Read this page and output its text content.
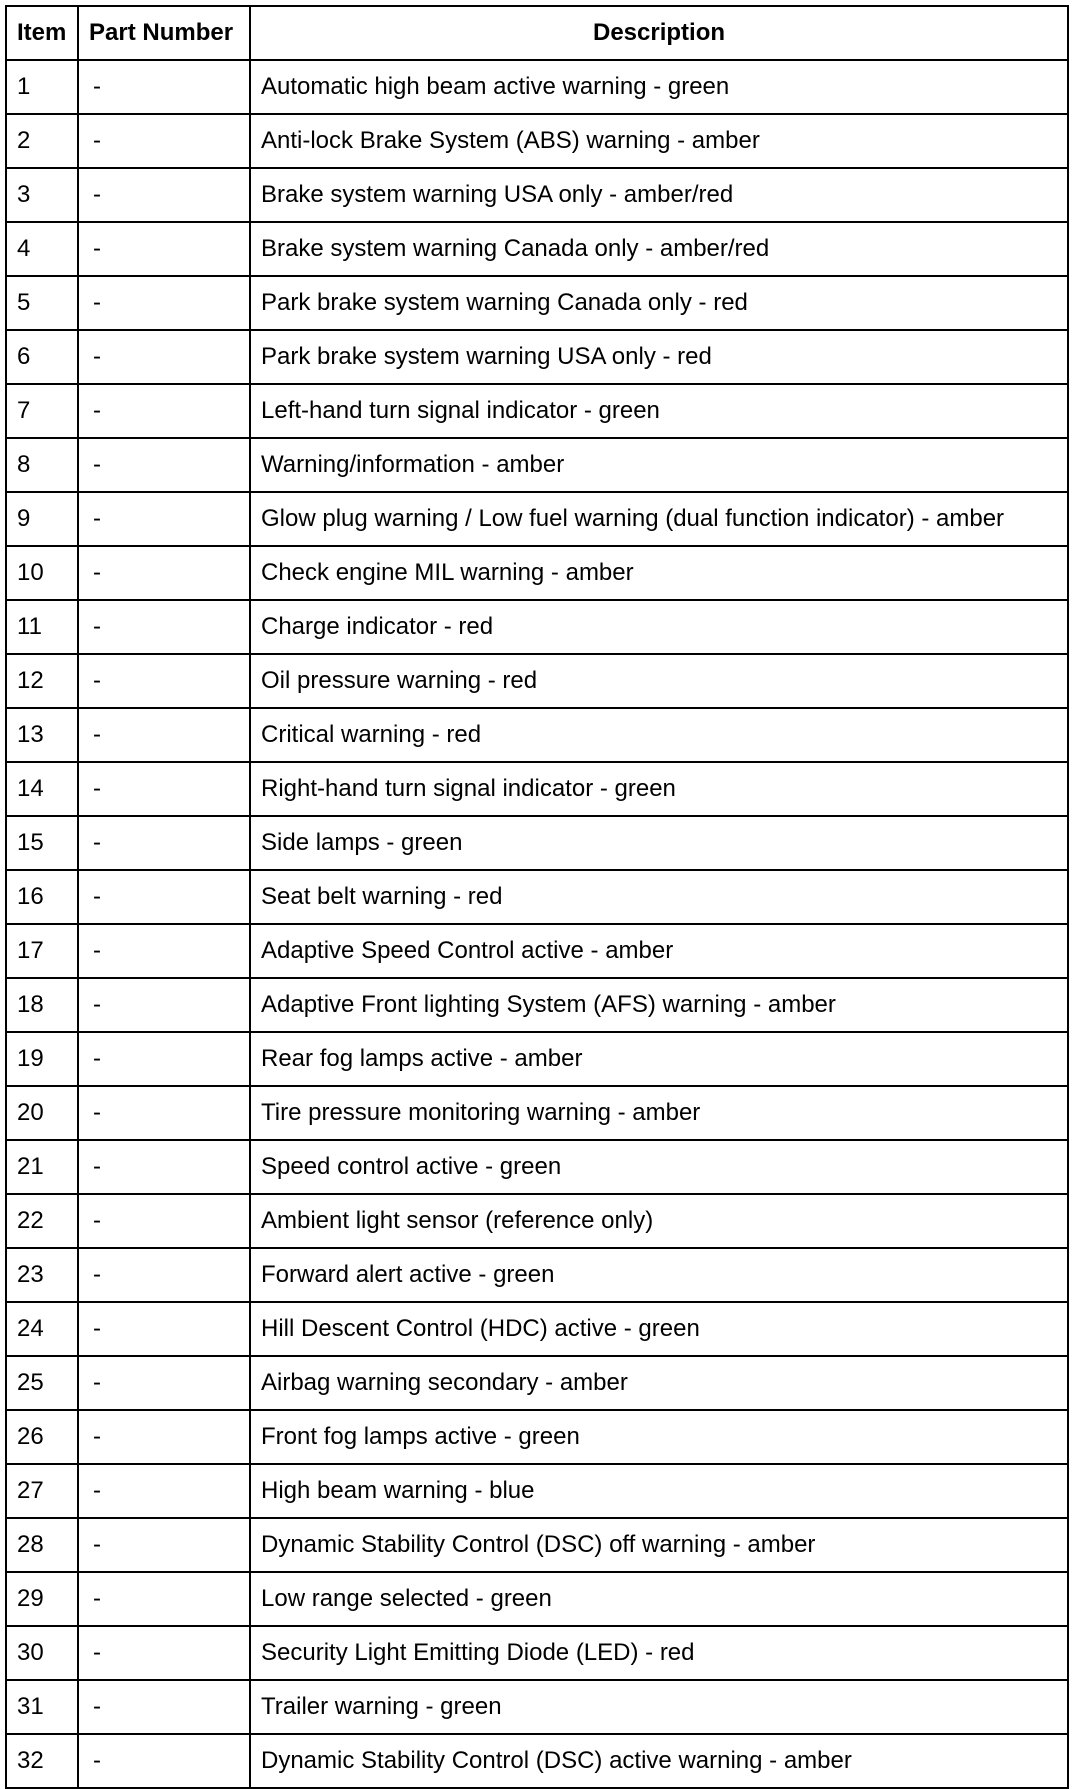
Item	Part Number	Description
1	-	Automatic high beam active warning - green
2	-	Anti-lock Brake System (ABS) warning - amber
3	-	Brake system warning USA only - amber/red
4	-	Brake system warning Canada only - amber/red
5	-	Park brake system warning Canada only - red
6	-	Park brake system warning USA only - red
7	-	Left-hand turn signal indicator - green
8	-	Warning/information - amber
9	-	Glow plug warning / Low fuel warning (dual function indicator) - amber
10	-	Check engine MIL warning - amber
11	-	Charge indicator - red
12	-	Oil pressure warning - red
13	-	Critical warning - red
14	-	Right-hand turn signal indicator - green
15	-	Side lamps - green
16	-	Seat belt warning - red
17	-	Adaptive Speed Control active - amber
18	-	Adaptive Front lighting System (AFS) warning - amber
19	-	Rear fog lamps active - amber
20	-	Tire pressure monitoring warning - amber
21	-	Speed control active - green
22	-	Ambient light sensor (reference only)
23	-	Forward alert active - green
24	-	Hill Descent Control (HDC) active - green
25	-	Airbag warning secondary - amber
26	-	Front fog lamps active - green
27	-	High beam warning - blue
28	-	Dynamic Stability Control (DSC) off warning - amber
29	-	Low range selected - green
30	-	Security Light Emitting Diode (LED) - red
31	-	Trailer warning - green
32	-	Dynamic Stability Control (DSC) active warning - amber
